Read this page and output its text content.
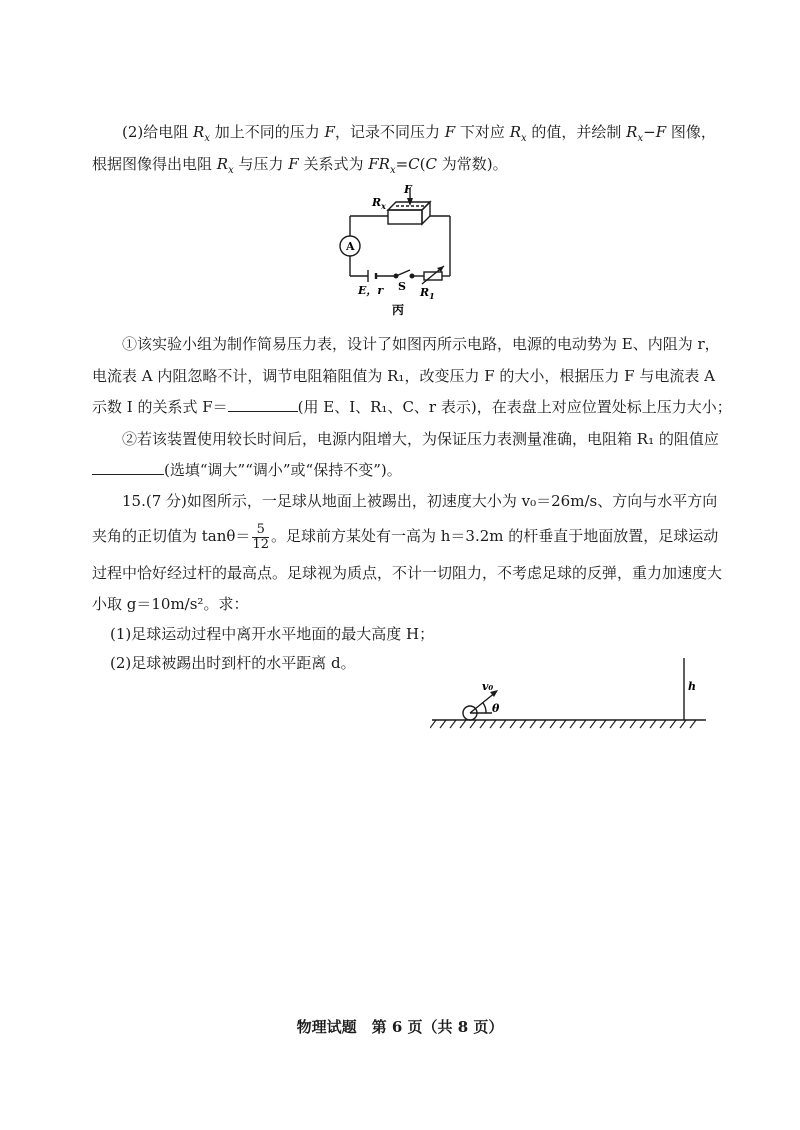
(2)给电阻 $R_x$ 加上不同的压力 F，记录不同压力 F 下对应 $R_x$ 的值，并绘制 $R_x-F$ 图像，
根据图像得出电阻 $R_x$ 与压力 F 关系式为 $FR_x=C(C$ 为常数)。
F
$R_x$
A
E，r S $R_1$
丙
①该实验小组为制作简易压力表，设计了如图丙所示电路，电源的电动势为 E、内阻为 r，
电流表 A 内阻忽略不计，调节电阻箱阻值为 R₁，改变压力 F 的大小，根据压力 F 与电流表 A
示数 I 的关系式 F＝	(用 E、I、R₁、C、r 表示)，在表盘上对应位置处标上压力大小；
②若该装置使用较长时间后，电源内阻增大，为保证压力表测量准确，电阻箱 R₁ 的阻值应
(选填“调大”“调小”或“保持不变”)。
15.(7 分)如图所示，一足球从地面上被踢出，初速度大小为 v₀＝26m/s、方向与水平方向
夹角的正切值为 $\tan\theta= \frac{5}{12}$ 。足球前方某处有一高为 h＝3.2m 的杆垂直于地面放置，足球运动
过程中恰好经过杆的最高点。足球视为质点，不计一切阻力，不考虑足球的反弹，重力加速度大
小取 g＝10m/s²。求：
(1)足球运动过程中离开水平地面的最大高度 H；
(2)足球被踢出时到杆的水平距离 d。
v₀
θ
h
物理试题　第 6 页（共 8 页）
